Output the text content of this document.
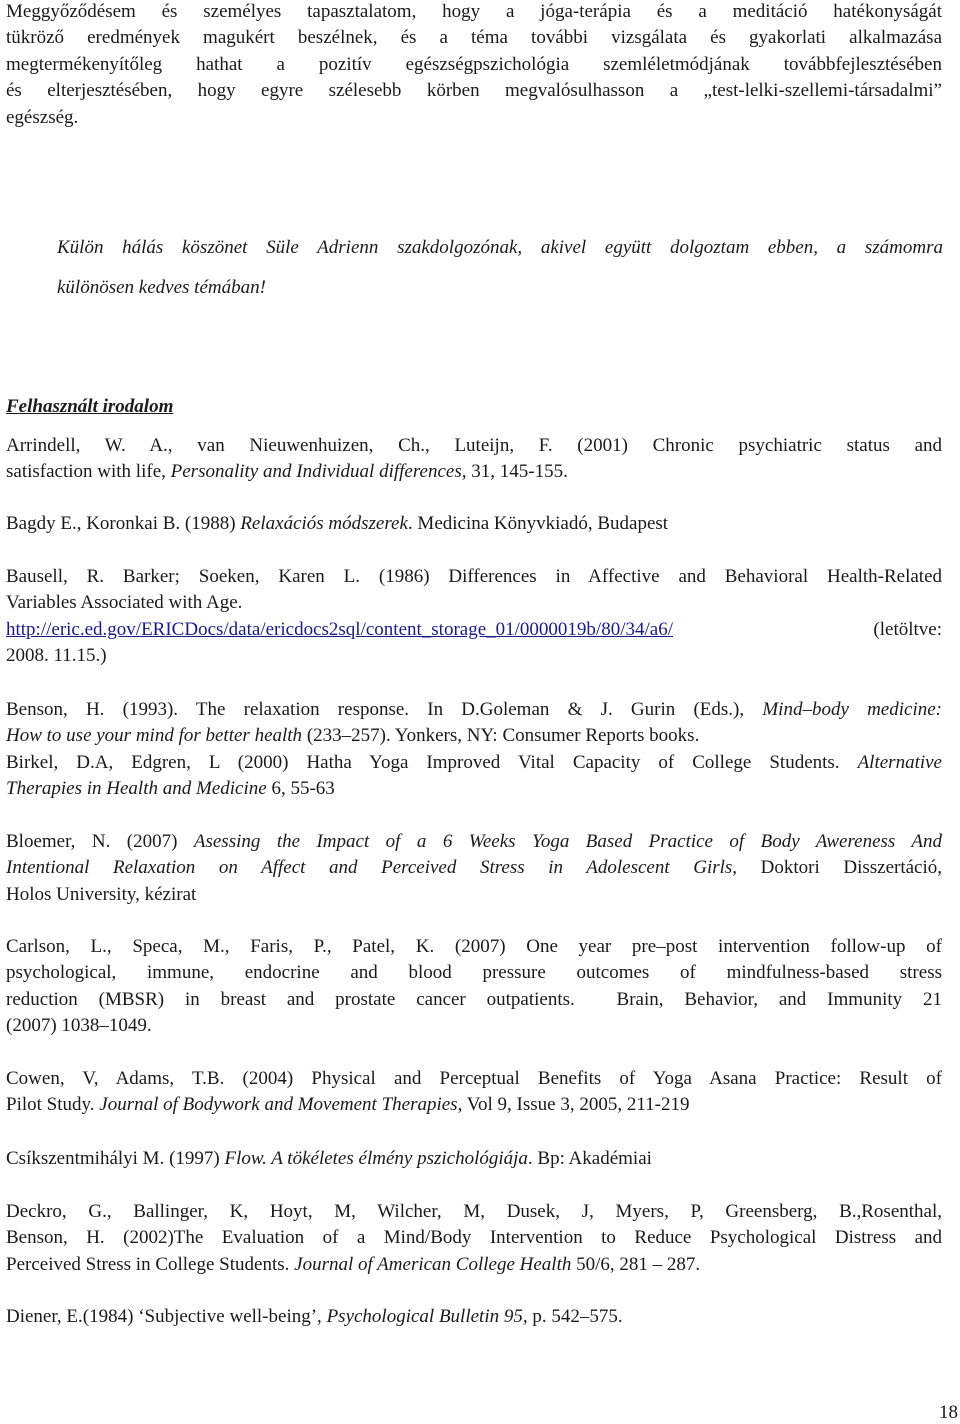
Meggyőződésem és személyes tapasztalatom, hogy a jóga-terápia és a meditáció hatékonyságát
tükröző eredmények magukért beszélnek, és a téma további vizsgálata és gyakorlati alkalmazása
megtermékenyítőleg hathat a pozitív egészségpszichológia szemléletmódjának továbbfejlesztésében
és elterjesztésében, hogy egyre szélesebb körben megvalósulhasson a „test-lelki-szellemi-társadalmi”
egészség.

Külön hálás köszönet Süle Adrienn szakdolgozónak, akivel együtt dolgoztam ebben, a számomra
különösen kedves témában!

Felhasznált irodalom

Arrindell, W. A., van Nieuwenhuizen, Ch., Luteijn, F. (2001) Chronic psychiatric status and
satisfaction with life, Personality and Individual differences, 31, 145-155.

Bagdy E., Koronkai B. (1988) Relaxációs módszerek. Medicina Könyvkiadó, Budapest

Bausell, R. Barker; Soeken, Karen L. (1986) Differences in Affective and Behavioral Health-Related
Variables Associated with Age.
http://eric.ed.gov/ERICDocs/data/ericdocs2sql/content_storage_01/0000019b/80/34/a6/      (letöltve:
2008. 11.15.)

Benson, H. (1993). The relaxation response. In D.Goleman & J. Gurin (Eds.), Mind–body medicine:
How to use your mind for better health (233–257). Yonkers, NY: Consumer Reports books.
Birkel, D.A, Edgren, L (2000) Hatha Yoga Improved Vital Capacity of College Students. Alternative
Therapies in Health and Medicine 6, 55-63

Bloemer, N. (2007) Asessing the Impact of a 6 Weeks Yoga Based Practice of Body Awereness And
Intentional Relaxation on Affect and Perceived Stress in Adolescent Girls, Doktori Disszertáció,
Holos University, kézirat

Carlson, L., Speca, M., Faris, P., Patel, K. (2007) One year pre–post intervention follow-up of
psychological, immune, endocrine and blood pressure outcomes of mindfulness-based stress
reduction (MBSR) in breast and prostate cancer outpatients.  Brain, Behavior, and Immunity 21
(2007) 1038–1049.

Cowen, V, Adams, T.B. (2004) Physical and Perceptual Benefits of Yoga Asana Practice: Result of
Pilot Study. Journal of Bodywork and Movement Therapies, Vol 9, Issue 3, 2005, 211-219

Csíkszentmihályi M. (1997) Flow. A tökéletes élmény pszichológiája. Bp: Akadémiai

Deckro, G., Ballinger, K, Hoyt, M, Wilcher, M, Dusek, J, Myers, P, Greensberg, B.,Rosenthal,
Benson, H. (2002)The Evaluation of a Mind/Body Intervention to Reduce Psychological Distress and
Perceived Stress in College Students. Journal of American College Health 50/6, 281 – 287.

Diener, E.(1984) ‘Subjective well-being’, Psychological Bulletin 95, p. 542–575.

18
